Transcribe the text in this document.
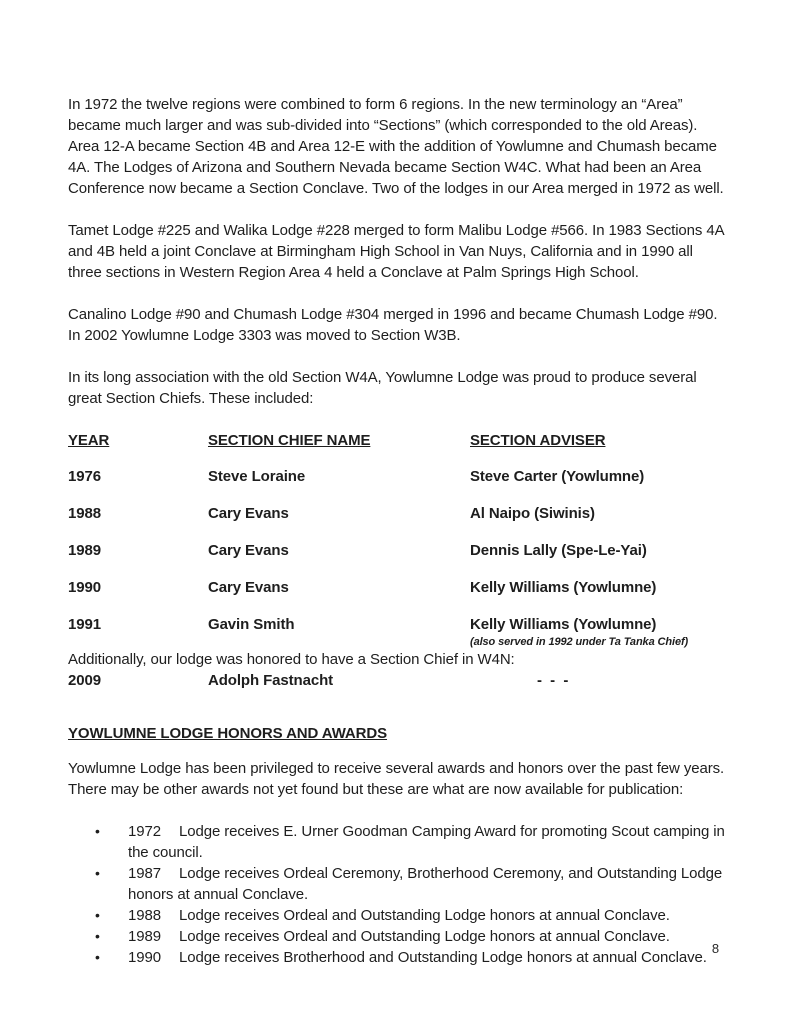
In 1972 the twelve regions were combined to form 6 regions. In the new terminology an “Area” became much larger and was sub-divided into “Sections” (which corresponded to the old Areas). Area 12-A became Section 4B and Area 12-E with the addition of Yowlumne and Chumash became 4A. The Lodges of Arizona and Southern Nevada became Section W4C. What had been an Area Conference now became a Section Conclave. Two of the lodges in our Area merged in 1972 as well.

Tamet Lodge #225 and Walika Lodge #228 merged to form Malibu Lodge #566. In 1983 Sections 4A and 4B held a joint Conclave at Birmingham High School in Van Nuys, California and in 1990 all three sections in Western Region Area 4 held a Conclave at Palm Springs High School.

Canalino Lodge #90 and Chumash Lodge #304 merged in 1996 and became Chumash Lodge #90. In 2002 Yowlumne Lodge 3303 was moved to Section W3B.

In its long association with the old Section W4A, Yowlumne Lodge was proud to produce several great Section Chiefs. These included:

YEAR	SECTION CHIEF NAME	SECTION ADVISER
1976	Steve Loraine	Steve Carter (Yowlumne)
1988	Cary Evans	Al Naipo (Siwinis)
1989	Cary Evans	Dennis Lally (Spe-Le-Yai)
1990	Cary Evans	Kelly Williams (Yowlumne)
1991	Gavin Smith	Kelly Williams (Yowlumne)
(also served in 1992 under Ta Tanka Chief)

Additionally, our lodge was honored to have a Section Chief in W4N:

2009	Adolph Fastnacht	- - -
YOWLUMNE LODGE HONORS AND AWARDS

Yowlumne Lodge has been privileged to receive several awards and honors over the past few years. There may be other awards not yet found but these are what are now available for publication:

• 1972 Lodge receives E. Urner Goodman Camping Award for promoting Scout camping in the council.
• 1987 Lodge receives Ordeal Ceremony, Brotherhood Ceremony, and Outstanding Lodge honors at annual Conclave.
• 1988 Lodge receives Ordeal and Outstanding Lodge honors at annual Conclave.
• 1989 Lodge receives Ordeal and Outstanding Lodge honors at annual Conclave.
• 1990 Lodge receives Brotherhood and Outstanding Lodge honors at annual Conclave.
8
